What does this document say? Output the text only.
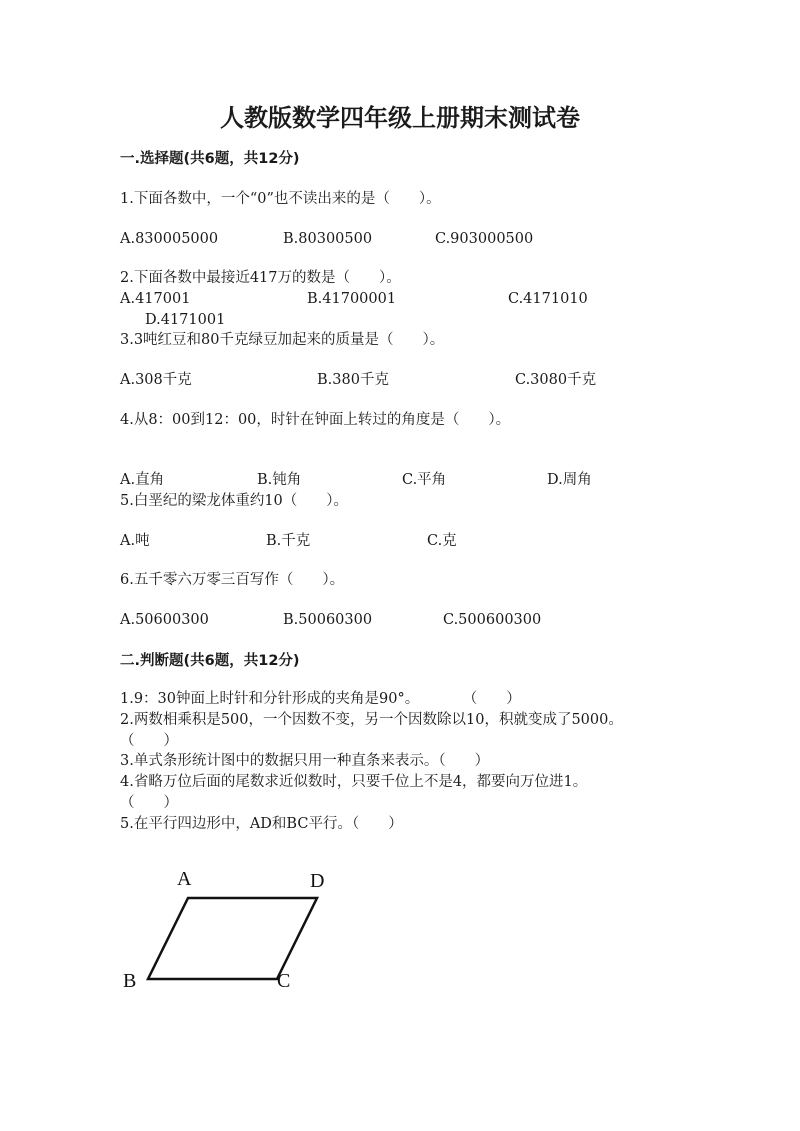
人教版数学四年级上册期末测试卷
一.选择题(共6题，共12分)
1.下面各数中，一个“0”也不读出来的是（　　）。
A.830005000	B.80300500	C.903000500
2.下面各数中最接近417万的数是（　　）。
A.417001	B.41700001	C.4171010
D.4171001
3.3吨红豆和80千克绿豆加起来的质量是（　　）。
A.308千克	B.380千克	C.3080千克
4.从8：00到12：00，时针在钟面上转过的角度是（　　）。
A.直角	B.钝角	C.平角	D.周角
5.白垩纪的梁龙体重约10（　　）。
A.吨	B.千克	C.克
6.五千零六万零三百写作（　　）。
A.50600300	B.50060300	C.500600300
二.判断题(共6题，共12分)
1.9：30钟面上时针和分针形成的夹角是90°。　　　　（　　）
2.两数相乘积是500，一个因数不变，另一个因数除以10，积就变成了5000。
（　　）
3.单式条形统计图中的数据只用一种直条来表示。（　　）
4.省略万位后面的尾数求近似数时，只要千位上不是4，都要向万位进1。
（　　）
5.在平行四边形中，AD和BC平行。（　　）
A	D
B	C
